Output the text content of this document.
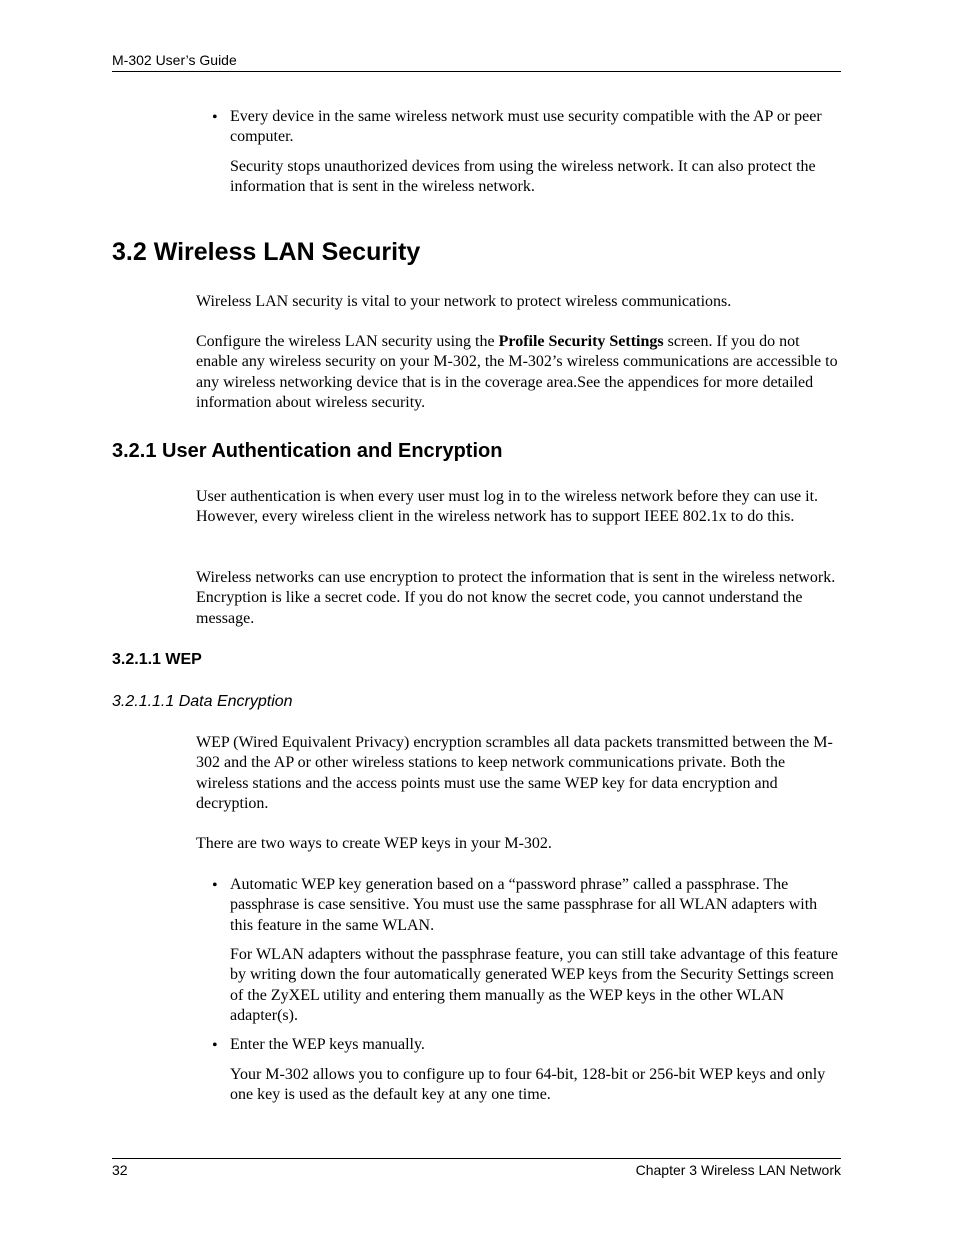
M-302 User’s Guide
• Every device in the same wireless network must use security compatible with the AP or peer computer.

Security stops unauthorized devices from using the wireless network. It can also protect the information that is sent in the wireless network.

3.2 Wireless LAN Security

Wireless LAN security is vital to your network to protect wireless communications.

Configure the wireless LAN security using the Profile Security Settings screen. If you do not enable any wireless security on your M-302, the M-302’s wireless communications are accessible to any wireless networking device that is in the coverage area.See the appendices for more detailed information about wireless security.

3.2.1 User Authentication and Encryption

User authentication is when every user must log in to the wireless network before they can use it. However, every wireless client in the wireless network has to support IEEE 802.1x to do this.

Wireless networks can use encryption to protect the information that is sent in the wireless network. Encryption is like a secret code. If you do not know the secret code, you cannot understand the message.

3.2.1.1 WEP
3.2.1.1.1 Data Encryption

WEP (Wired Equivalent Privacy) encryption scrambles all data packets transmitted between the M-302 and the AP or other wireless stations to keep network communications private. Both the wireless stations and the access points must use the same WEP key for data encryption and decryption.

There are two ways to create WEP keys in your M-302.

• Automatic WEP key generation based on a “password phrase” called a passphrase. The passphrase is case sensitive. You must use the same passphrase for all WLAN adapters with this feature in the same WLAN.

For WLAN adapters without the passphrase feature, you can still take advantage of this feature by writing down the four automatically generated WEP keys from the Security Settings screen of the ZyXEL utility and entering them manually as the WEP keys in the other WLAN adapter(s).

• Enter the WEP keys manually.

Your M-302 allows you to configure up to four 64-bit, 128-bit or 256-bit WEP keys and only one key is used as the default key at any one time.

32	Chapter 3 Wireless LAN Network
